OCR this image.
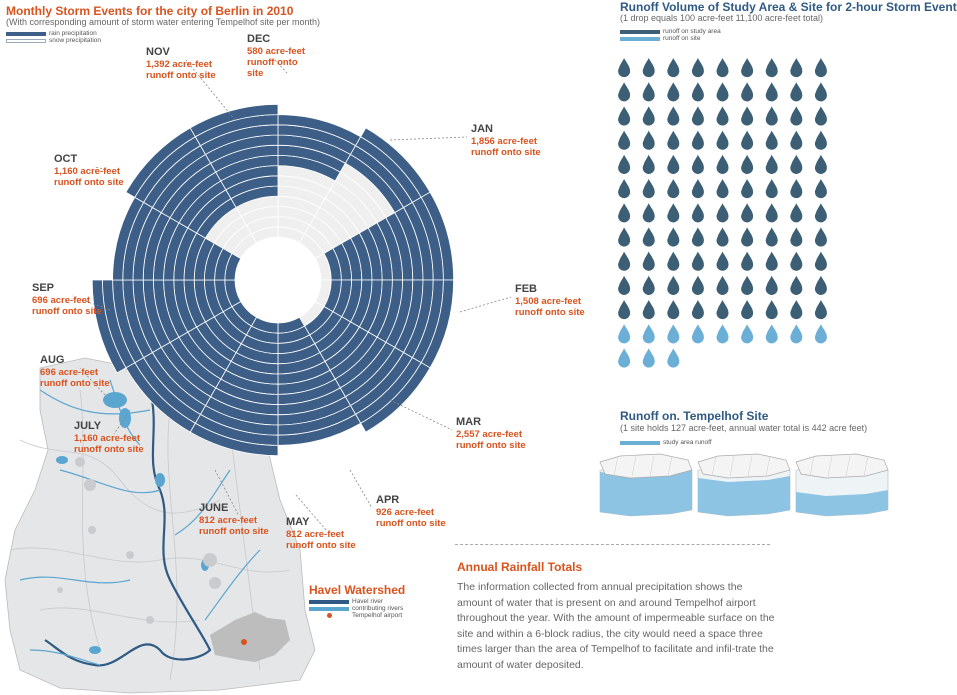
Monthly Storm Events for the city of Berlin in 2010
(With corresponding amount of storm water entering Tempelhof site per month)
rain precipitation
snow precipitation
JAN
1,856 acre-feet
runoff onto site
FEB
1,508 acre-feet
runoff onto site
MAR
2,557 acre-feet
runoff onto site
APR
926 acre-feet
runoff onto site
MAY
812 acre-feet
runoff onto site
JUNE
812 acre-feet
runoff onto site
JULY
1,160 acre-feet
runoff onto site
AUG
696 acre-feet
runoff onto site
SEP
696 acre-feet
runoff onto site
OCT
1,160 acre-feet
runoff onto site
NOV
1,392 acre-feet
runoff onto site
DEC
580 acre-feet
runoff onto
site
Runoff Volume of Study Area & Site for 2-hour Storm Event
(1 drop equals 100 acre-feet 11,100 acre-feet total)
runoff on study area
runoff on site
Runoff on. Tempelhof Site
(1 site holds 127 acre-feet, annual water total is 442 acre feet)
study area runoff
Havel Watershed
Havel river
contributing rivers
Tempelhof airport
Annual Rainfall Totals
The information collected from annual precipitation shows the amount of water that is present on and around Tempelhof airport throughout the year. With the amount of impermeable surface on the site and within a 6-block radius, the city would need a space three times larger than the area of Tempelhof to facilitate and infil-trate the amount of water deposited.
